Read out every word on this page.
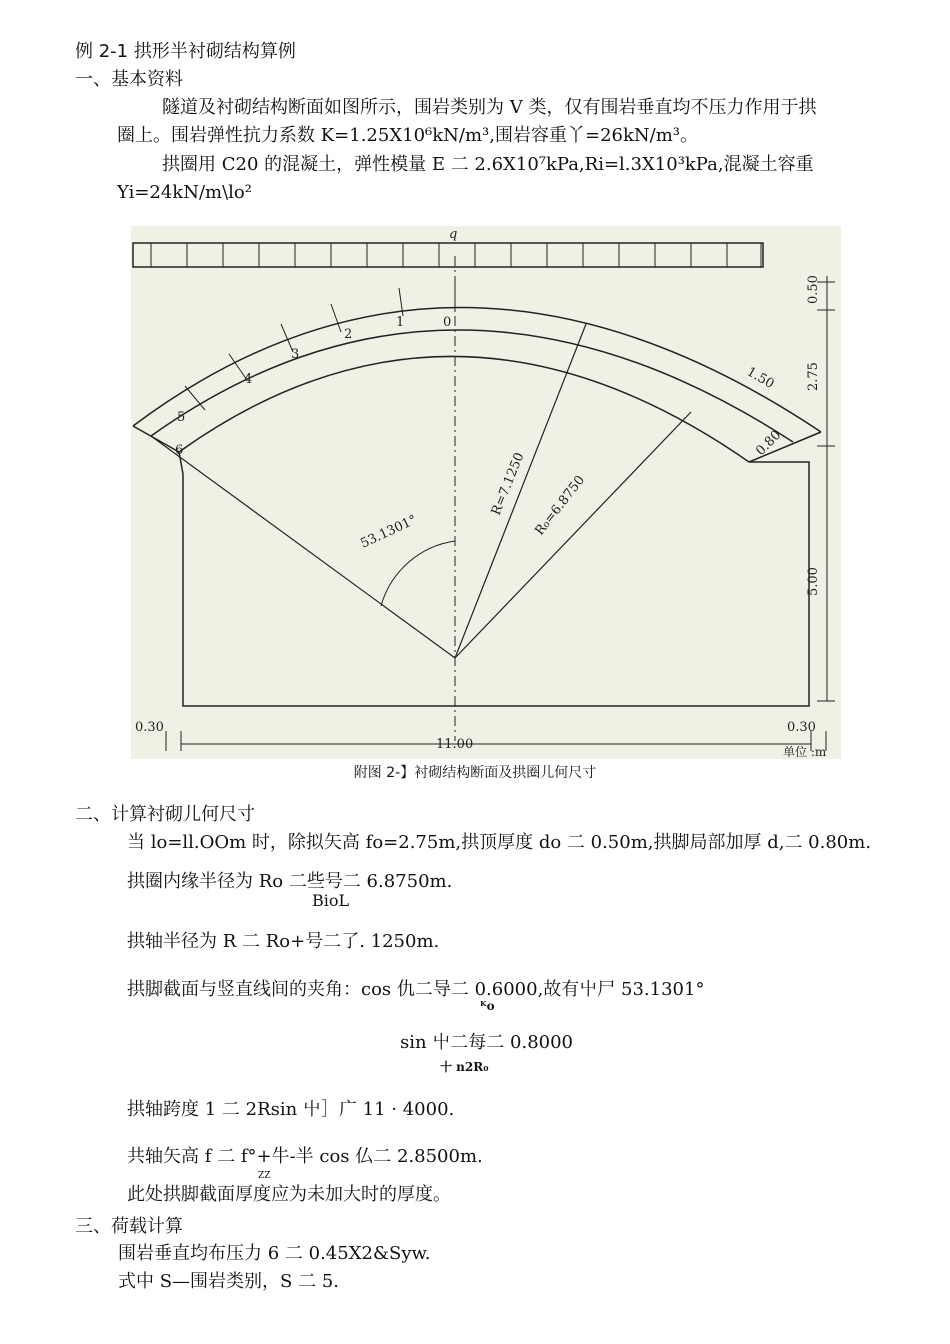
例 2-1 拱形半衬砌结构算例
一、基本资料
隧道及衬砌结构断面如图所示，围岩类别为 V 类，仅有围岩垂直均不压力作用于拱
圈上。围岩弹性抗力系数 K=1.25X10⁶kN/m³,围岩容重丫=26kN/m³。
拱圈用 C20 的混凝土，弹性模量 E 二 2.6X10⁷kPa,Ri=l.3X10³kPa,混凝土容重
Yi=24kN/m\lo²
q
0.50
2.75
5.00
1.50
0.80
0.30	0.30
11.00	单位 :m
53.1301°
R=7.1250 R₀=6.8750
0
1
2
3
4
5
6
附图 2-】衬砌结构断面及拱圈儿何尺寸
二、计算衬砌儿何尺寸
当 lo=ll.OOm 时，除拟矢高 fo=2.75m,拱顶厚度 do 二 0.50m,拱脚局部加厚 d,二 0.80m.
拱圈内缘半径为 Ro 二些号二 6.8750m.
BioL
拱轴半径为 R 二 Ro+号二了. 1250m.
拱脚截面与竖直线间的夹角：cos 仇二导二 0.6000,故有屮尸 53.1301°
ᴷo
sin 屮二每二 0.8000
十 n2R₀
拱轴跨度 1 二 2Rsin 屮］广 11 · 4000.
共轴矢高 f 二 f°+牛-半 cos 仏二 2.8500m.
ZZ
此处拱脚截面厚度应为未加大时的厚度。
三、荷载计算
围岩垂直均布压力 6 二 0.45X2&Syw.
式中 S—围岩类别，S 二 5.
